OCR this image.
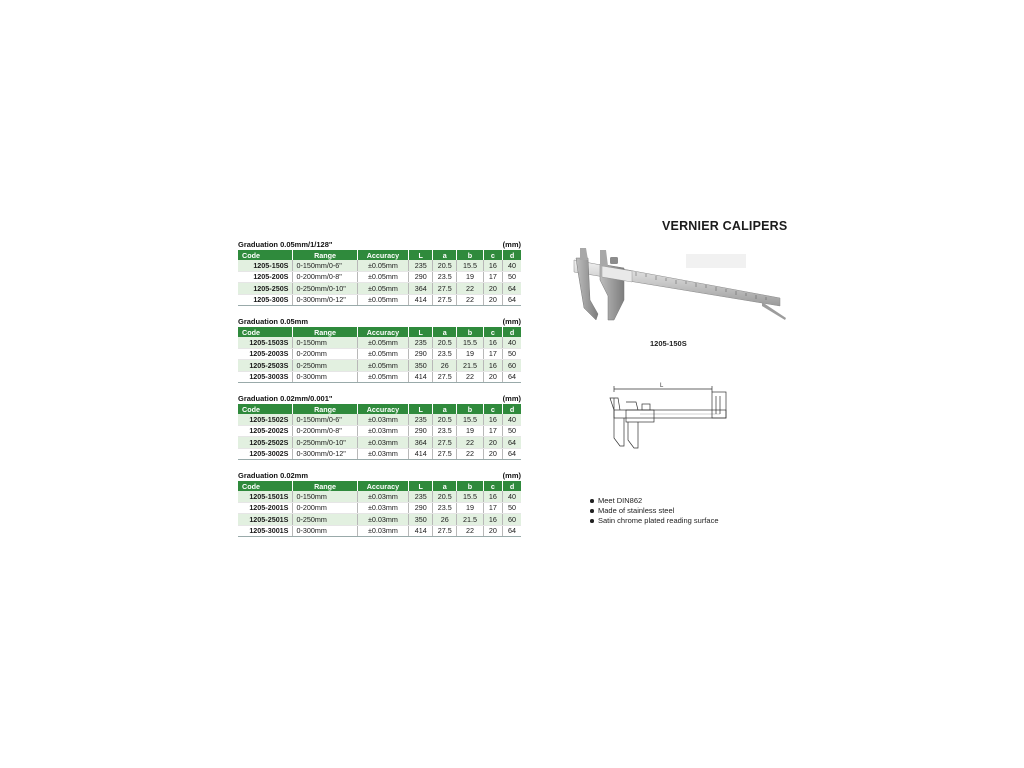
Graduation 0.05mm/1/128"	(mm)
Code	Range	Accuracy	L	a	b	c	d
1205-150S	0-150mm/0-6"	±0.05mm	235	20.5	15.5	16	40
1205-200S	0-200mm/0-8"	±0.05mm	290	23.5	19	17	50
1205-250S	0-250mm/0-10"	±0.05mm	364	27.5	22	20	64
1205-300S	0-300mm/0-12"	±0.05mm	414	27.5	22	20	64
Graduation 0.05mm	(mm)
Code	Range	Accuracy	L	a	b	c	d
1205-1503S	0-150mm	±0.05mm	235	20.5	15.5	16	40
1205-2003S	0-200mm	±0.05mm	290	23.5	19	17	50
1205-2503S	0-250mm	±0.05mm	350	26	21.5	16	60
1205-3003S	0-300mm	±0.05mm	414	27.5	22	20	64
Graduation 0.02mm/0.001"	(mm)
Code	Range	Accuracy	L	a	b	c	d
1205-1502S	0-150mm/0-6"	±0.03mm	235	20.5	15.5	16	40
1205-2002S	0-200mm/0-8"	±0.03mm	290	23.5	19	17	50
1205-2502S	0-250mm/0-10"	±0.03mm	364	27.5	22	20	64
1205-3002S	0-300mm/0-12"	±0.03mm	414	27.5	22	20	64
Graduation 0.02mm	(mm)
Code	Range	Accuracy	L	a	b	c	d
1205-1501S	0-150mm	±0.03mm	235	20.5	15.5	16	40
1205-2001S	0-200mm	±0.03mm	290	23.5	19	17	50
1205-2501S	0-250mm	±0.03mm	350	26	21.5	16	60
1205-3001S	0-300mm	±0.03mm	414	27.5	22	20	64
VERNIER CALIPERS
1205-150S
L
Meet DIN862
Made of stainless steel
Satin chrome plated reading surface
